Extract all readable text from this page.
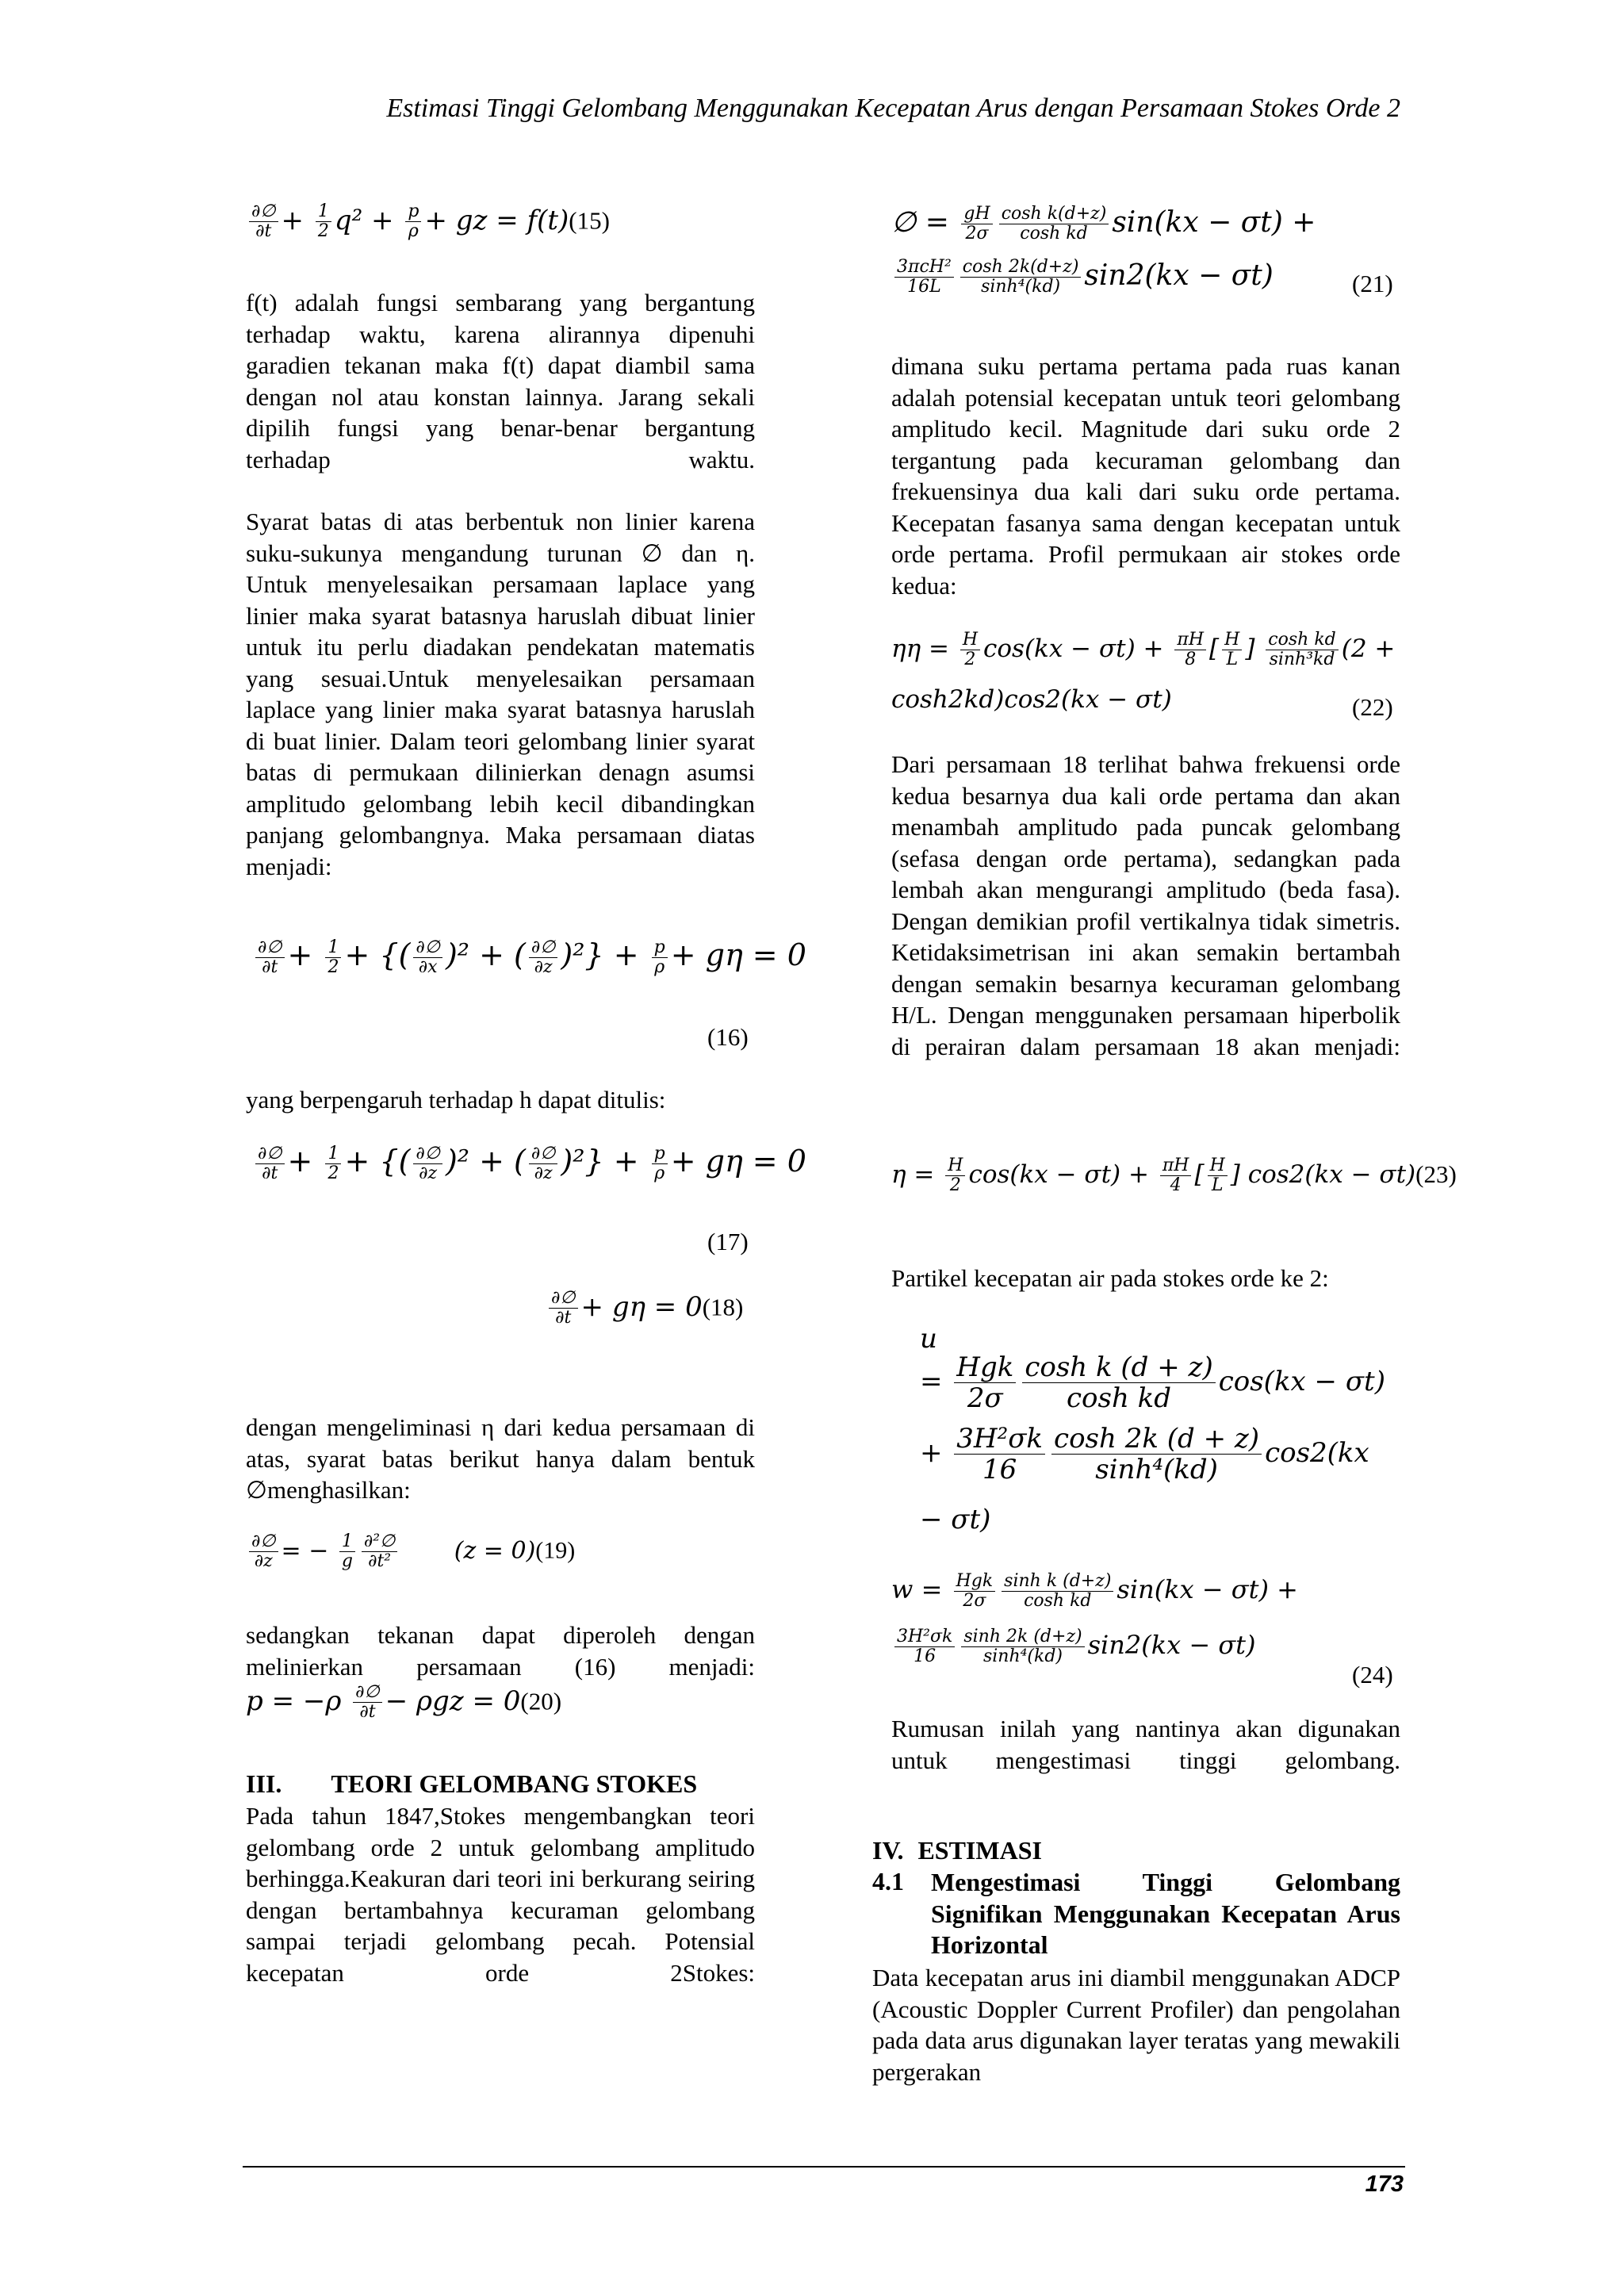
Estimasi Tinggi Gelombang Menggunakan Kecepatan Arus dengan Persamaan Stokes Orde 2
$\frac{\partial\emptyset}{\partial t} + \frac{1}{2} q^2 + \frac{p}{\rho}$ + gz = f(t)(15)

f(t) adalah fungsi sembarang yang bergantung terhadap waktu, karena alirannya dipenuhi garadien tekanan maka f(t) dapat diambil sama dengan nol atau konstan lainnya. Jarang sekali dipilih fungsi yang benar-benar bergantung terhadap waktu.

Syarat batas di atas berbentuk non linier karena suku-sukunya mengandung turunan ∅ dan η. Untuk menyelesaikan persamaan laplace yang linier maka syarat batasnya haruslah dibuat linier untuk itu perlu diadakan pendekatan matematis yang sesuai.Untuk menyelesaikan persamaan laplace yang linier maka syarat batasnya haruslah di buat linier. Dalam teori gelombang linier syarat batas di permukaan dilinierkan denagn asumsi amplitudo gelombang lebih kecil dibandingkan panjang gelombangnya. Maka persamaan diatas menjadi:

$\frac{\partial\emptyset}{\partial t} + \frac{1}{2}$ + {( $\frac{\partial\emptyset}{\partial x} )^2$ + ( $\frac{\partial\emptyset}{\partial z} )^2\} + \frac{p}{\rho} + g\eta = 0$
(16)

yang berpengaruh terhadap h dapat ditulis:

$\frac{\partial\emptyset}{\partial t} + \frac{1}{2}$ + {( $\frac{\partial\emptyset}{\partial z} )^2$ + ( $\frac{\partial\emptyset}{\partial z} )^2\} + \frac{p}{\rho} + g\eta = 0$
(17)
$\frac{\partial\emptyset}{\partial t} + g\eta = 0(18)$

dengan mengeliminasi η dari kedua persamaan di atas, syarat batas berikut hanya dalam bentuk ∅menghasilkan:

$\frac{\partial\emptyset}{\partial z}$ = − $\frac{1}{g} \frac{\text{∂²∅}}{\text{∂t²}} (z = 0)(19)$

sedangkan tekanan dapat diperoleh dengan melinierkan persamaan (16) menjadi:

$p = -\rho \frac{\partial\emptyset}{\partial t} - \rho gz = 0(20)$
III. TEORI GELOMBANG STOKES

Pada tahun 1847,Stokes mengembangkan teori gelombang orde 2 untuk gelombang amplitudo berhingga.Keakuran dari teori ini berkurang seiring dengan bertambahnya kecuraman gelombang sampai terjadi gelombang pecah. Potensial kecepatan orde 2Stokes:

∅ = $\frac{gH}{2\sigma} \frac{\text{cosh k(d+z)}}{\text{cosh kd}} \sin(kx - \sigma t)$ +
$\frac{\text{3πcH²}}{16L} \frac{\cosh 2k(d+z)}{\text{sinh⁴(kd)}} \sin 2(kx - \sigma t)$	(21)

dimana suku pertama pertama pada ruas kanan adalah potensial kecepatan untuk teori gelombang amplitudo kecil. Magnitude dari suku orde 2 tergantung pada kecuraman gelombang dan frekuensinya dua kali dari suku orde pertama. Kecepatan fasanya sama dengan kecepatan untuk orde pertama. Profil permukaan air stokes orde kedua:

$\eta\eta = \frac{H}{2} \cos(kx - \sigma t) + \frac{\pi H}{8}$ [ $\frac{H}{L}$ ] $\frac{\text{cosh kd}}{\text{sinh³kd}} (2$ +
cosh2kd)cos2(kx − σt)	(22)

Dari persamaan 18 terlihat bahwa frekuensi orde kedua besarnya dua kali orde pertama dan akan menambah amplitudo pada puncak gelombang (sefasa dengan orde pertama), sedangkan pada lembah akan mengurangi amplitudo (beda fasa). Dengan demikian profil vertikalnya tidak simetris. Ketidaksimetrisan ini akan semakin bertambah dengan semakin besarnya kecuraman gelombang H/L. Dengan menggunaken persamaan hiperbolik di perairan dalam persamaan 18 akan menjadi:

$\eta = \frac{H}{2} \cos(kx - \sigma t) + \frac{\pi H}{4}$ [ $\frac{H}{L}$ ] cos2(kx − σt)(23)

Partikel kecepatan air pada stokes orde ke 2:

u
= $\frac{\text{Hgk}}{2\sigma} \frac{\text{cosh k (d + z)}}{\text{cosh kd}} \cos(kx - \sigma t)$
+ $\frac{\text{3H²σk}}{16} \frac{\cosh 2k (d + z)}{\text{sinh⁴(kd)}} \cos 2(kx$
− σt)
$w = \frac{\text{Hgk}}{2\sigma} \frac{\text{sinh k (d+z)}}{\text{cosh kd}} \sin(kx - \sigma t)$ +
$\frac{\text{3H²σk}}{16} \frac{\sinh 2k (d+z)}{\text{sinh⁴(kd)}} \sin 2(kx - \sigma t)$
(24)

Rumusan inilah yang nantinya akan digunakan untuk mengestimasi tinggi gelombang.

IV. ESTIMASI
4.1	Mengestimasi Tinggi Gelombang Signifikan Menggunakan Kecepatan Arus Horizontal

Data kecepatan arus ini diambil menggunakan ADCP (Acoustic Doppler Current Profiler) dan pengolahan pada data arus digunakan layer teratas yang mewakili pergerakan

173
